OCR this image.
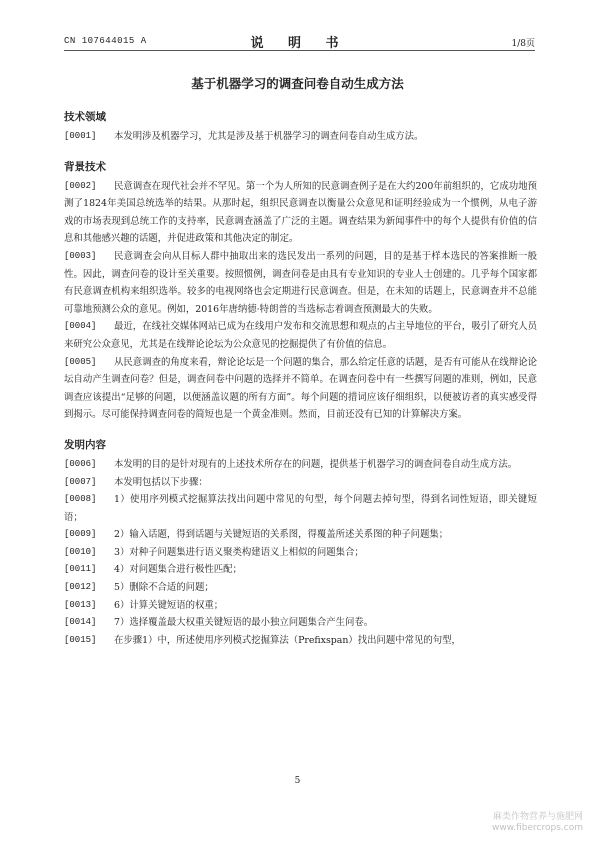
CN 107644015 A	说 明 书	1/8页
基于机器学习的调查问卷自动生成方法
技术领域

[0001] 本发明涉及机器学习，尤其是涉及基于机器学习的调查问卷自动生成方法。

背景技术

[0002] 民意调查在现代社会并不罕见。第一个为人所知的民意调查例子是在大约200年前组织的，它成功地预测了1824年美国总统选举的结果。从那时起，组织民意调查以衡量公众意见和证明经验成为一个惯例，从电子游戏的市场表现到总统工作的支持率，民意调查涵盖了广泛的主题。调查结果为新闻事件中的每个人提供有价值的信息和其他感兴趣的话题，并促进政策和其他决定的制定。

[0003] 民意调查会向从目标人群中抽取出来的选民发出一系列的问题，目的是基于样本选民的答案推断一般性。因此，调查问卷的设计至关重要。按照惯例，调查问卷是由具有专业知识的专业人士创建的。几乎每个国家都有民意调查机构来组织选举。较多的电视网络也会定期进行民意调查。但是，在未知的话题上，民意调查并不总能可靠地预测公众的意见。例如，2016年唐纳德·特朗普的当选标志着调查预测最大的失败。

[0004] 最近，在线社交媒体网站已成为在线用户发布和交流思想和观点的占主导地位的平台，吸引了研究人员来研究公众意见，尤其是在线辩论论坛为公众意见的挖掘提供了有价值的信息。

[0005] 从民意调查的角度来看，辩论论坛是一个问题的集合，那么给定任意的话题，是否有可能从在线辩论论坛自动产生调查问卷？但是，调查问卷中问题的选择并不简单。在调查问卷中有一些撰写问题的准则，例如，民意调查应该提出“足够的问题，以便涵盖议题的所有方面”。每个问题的措词应该仔细组织，以便被访者的真实感受得到揭示。尽可能保持调查问卷的简短也是一个黄金准则。然而，目前还没有已知的计算解决方案。

发明内容

[0006] 本发明的目的是针对现有的上述技术所存在的问题，提供基于机器学习的调查问卷自动生成方法。

[0007] 本发明包括以下步骤：

[0008] 1）使用序列模式挖掘算法找出问题中常见的句型，每个问题去掉句型，得到名词性短语，即关键短语；

[0009] 2）输入话题，得到话题与关键短语的关系图，得覆盖所述关系图的种子问题集；

[0010] 3）对种子问题集进行语义聚类构建语义上相似的问题集合；

[0011] 4）对问题集合进行极性匹配；

[0012] 5）删除不合适的问题；

[0013] 6）计算关键短语的权重；

[0014] 7）选择覆盖最大权重关键短语的最小独立问题集合产生问卷。

[0015] 在步骤1）中，所述使用序列模式挖掘算法（Prefixspan）找出问题中常见的句型，

5
麻类作物营养与施肥网
www.fibercrops.com
